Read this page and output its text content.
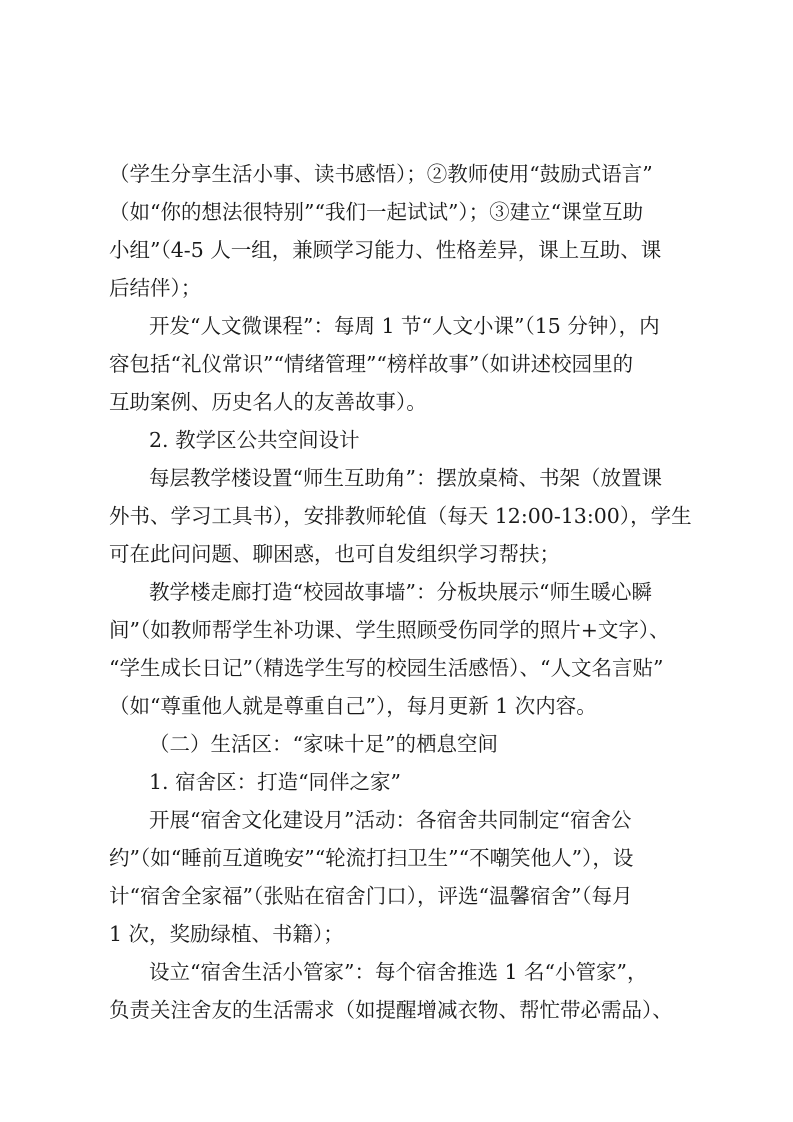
（学生分享生活小事、读书感悟）；②教师使用“鼓励式语言”
（如“你的想法很特别”“我们一起试试”）；③建立“课堂互助
小组”（4-5 人一组，兼顾学习能力、性格差异，课上互助、课
后结伴）；
开发“人文微课程”：每周 1 节“人文小课”（15 分钟），内
容包括“礼仪常识”“情绪管理”“榜样故事”（如讲述校园里的
互助案例、历史名人的友善故事）。
2. 教学区公共空间设计
每层教学楼设置“师生互助角”：摆放桌椅、书架（放置课
外书、学习工具书），安排教师轮值（每天 12:00-13:00），学生
可在此问问题、聊困惑，也可自发组织学习帮扶；
教学楼走廊打造“校园故事墙”：分板块展示“师生暖心瞬
间”（如教师帮学生补功课、学生照顾受伤同学的照片+文字）、
“学生成长日记”（精选学生写的校园生活感悟）、“人文名言贴”
（如“尊重他人就是尊重自己”），每月更新 1 次内容。
（二）生活区：“家味十足”的栖息空间
1. 宿舍区：打造“同伴之家”
开展“宿舍文化建设月”活动：各宿舍共同制定“宿舍公
约”（如“睡前互道晚安”“轮流打扫卫生”“不嘲笑他人”），设
计“宿舍全家福”（张贴在宿舍门口），评选“温馨宿舍”（每月
1 次，奖励绿植、书籍）；
设立“宿舍生活小管家”：每个宿舍推选 1 名“小管家”，
负责关注舍友的生活需求（如提醒增减衣物、帮忙带必需品）、
